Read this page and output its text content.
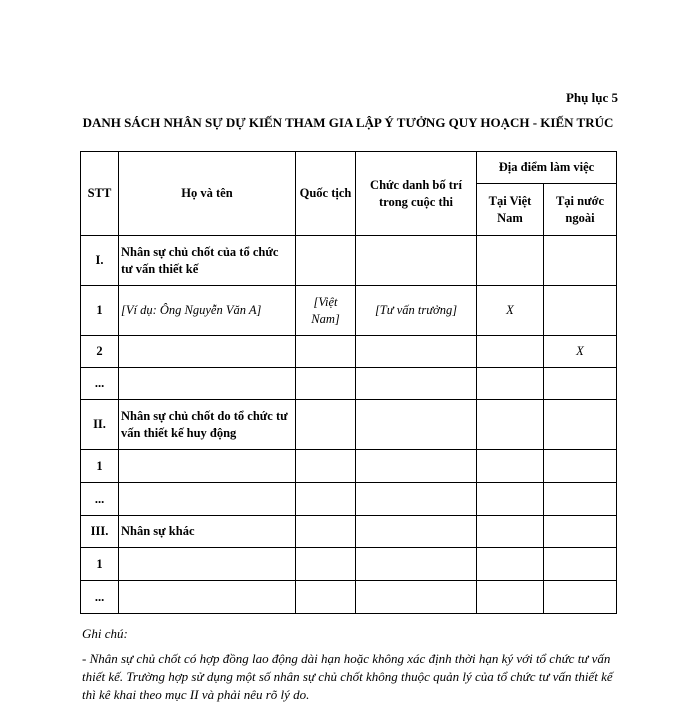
Phụ lục 5
DANH SÁCH NHÂN SỰ DỰ KIẾN THAM GIA LẬP Ý TƯỞNG QUY HOẠCH - KIẾN TRÚC
STT	Họ và tên	Quốc tịch	Chức danh bố trí trong cuộc thi	Địa điểm làm việc	
				Tại Việt Nam	Tại nước ngoài
I.	Nhân sự chủ chốt của tổ chức tư vấn thiết kế				
1	[Ví dụ: Ông Nguyễn Văn A]	[Việt Nam]	[Tư vấn trưởng]	X	
2					X
...					
II.	Nhân sự chủ chốt do tổ chức tư vấn thiết kế huy động				
1					
...					
III.	Nhân sự khác				
1					
...					
Ghi chú:
- Nhân sự chủ chốt có hợp đồng lao động dài hạn hoặc không xác định thời hạn ký với tổ chức tư vấn thiết kế. Trường hợp sử dụng một số nhân sự chủ chốt không thuộc quản lý của tổ chức tư vấn thiết kế thì kê khai theo mục II và phải nêu rõ lý do.
